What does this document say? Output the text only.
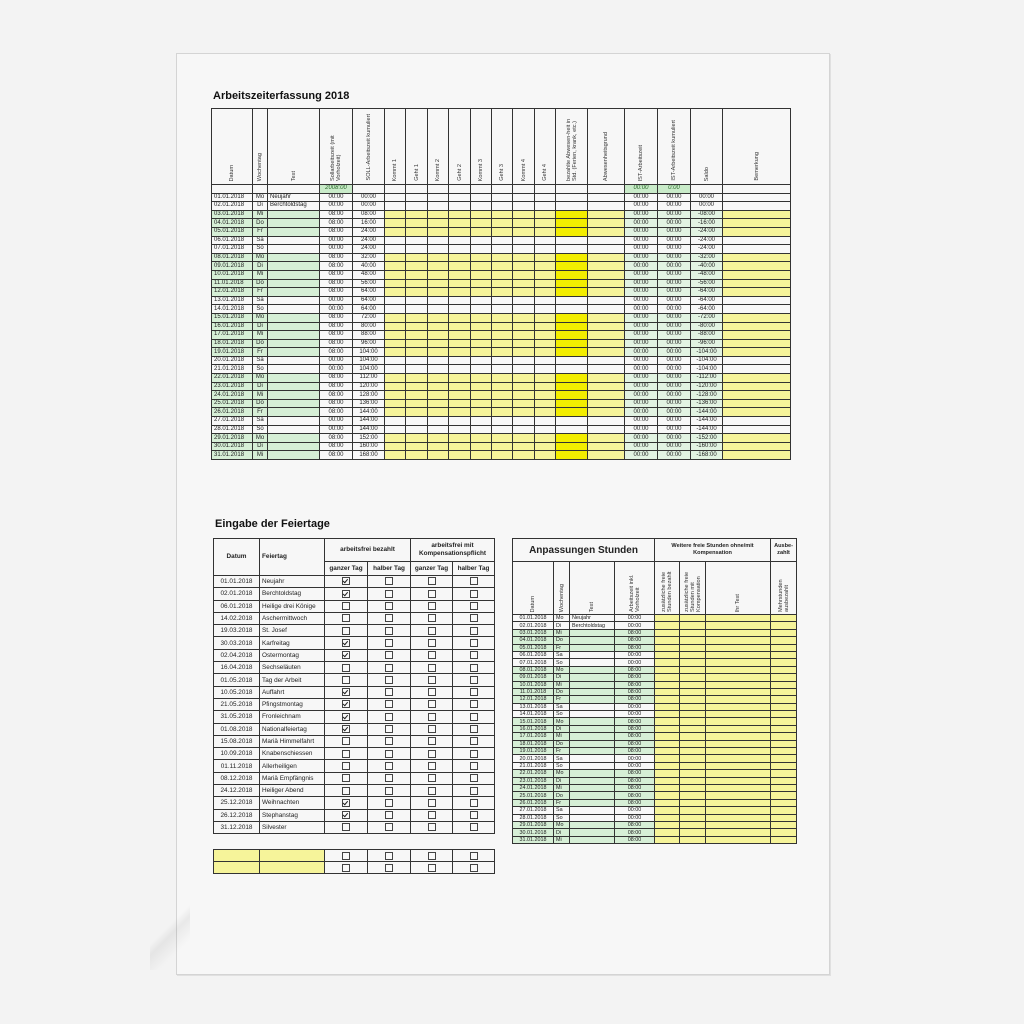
Arbeitszeiterfassung 2018
Datum	Wochentag	Text	Sollarbeitszeit (mit Vorholzeit)	SOLL-Arbeitszeit kumuliert	Kommt 1	Geht 1	Kommt 2	Geht 2	Kommt 3	Geht 3	Kommt 4	Geht 4	bezahlte Abwesen-heit in Std. (Ferien, krank, etc.)	Abwesenheitsgrund	IST-Arbeitszeit	IST-Arbeitszeit kumuliert	Saldo	Bemerkung
			2008:00												00:00	0:00		
01.01.2018	Mo	Neujahr	00:00	00:00											00:00	00:00	00:00	
02.01.2018	Di	Berchtoldstag	00:00	00:00											00:00	00:00	00:00	
03.01.2018	Mi		08:00	08:00											00:00	00:00	-08:00	
04.01.2018	Do		08:00	16:00											00:00	00:00	-16:00	
05.01.2018	Fr		08:00	24:00											00:00	00:00	-24:00	
06.01.2018	Sa		00:00	24:00											00:00	00:00	-24:00	
07.01.2018	So		00:00	24:00											00:00	00:00	-24:00	
08.01.2018	Mo		08:00	32:00											00:00	00:00	-32:00	
09.01.2018	Di		08:00	40:00											00:00	00:00	-40:00	
10.01.2018	Mi		08:00	48:00											00:00	00:00	-48:00	
11.01.2018	Do		08:00	56:00											00:00	00:00	-56:00	
12.01.2018	Fr		08:00	64:00											00:00	00:00	-64:00	
13.01.2018	Sa		00:00	64:00											00:00	00:00	-64:00	
14.01.2018	So		00:00	64:00											00:00	00:00	-64:00	
15.01.2018	Mo		08:00	72:00											00:00	00:00	-72:00	
16.01.2018	Di		08:00	80:00											00:00	00:00	-80:00	
17.01.2018	Mi		08:00	88:00											00:00	00:00	-88:00	
18.01.2018	Do		08:00	96:00											00:00	00:00	-96:00	
19.01.2018	Fr		08:00	104:00											00:00	00:00	-104:00	
20.01.2018	Sa		00:00	104:00											00:00	00:00	-104:00	
21.01.2018	So		00:00	104:00											00:00	00:00	-104:00	
22.01.2018	Mo		08:00	112:00											00:00	00:00	-112:00	
23.01.2018	Di		08:00	120:00											00:00	00:00	-120:00	
24.01.2018	Mi		08:00	128:00											00:00	00:00	-128:00	
25.01.2018	Do		08:00	136:00											00:00	00:00	-136:00	
26.01.2018	Fr		08:00	144:00											00:00	00:00	-144:00	
27.01.2018	Sa		00:00	144:00											00:00	00:00	-144:00	
28.01.2018	So		00:00	144:00											00:00	00:00	-144:00	
29.01.2018	Mo		08:00	152:00											00:00	00:00	-152:00	
30.01.2018	Di		08:00	160:00											00:00	00:00	-160:00	
31.01.2018	Mi		08:00	168:00											00:00	00:00	-168:00	
Eingabe der Feiertage
Datum	Feiertag	arbeitsfrei bezahlt		arbeitsfrei mit Kompensationspflicht	
		ganzer Tag	halber Tag	ganzer Tag	halber Tag
01.01.2018	Neujahr				
02.01.2018	Berchtoldstag				
06.01.2018	Heilige drei Könige				
14.02.2018	Aschermittwoch				
19.03.2018	St. Josef				
30.03.2018	Karfreitag				
02.04.2018	Ostermontag				
16.04.2018	Sechseläuten				
01.05.2018	Tag der Arbeit				
10.05.2018	Auffahrt				
21.05.2018	Pfingstmontag				
31.05.2018	Fronleichnam				
01.08.2018	Nationalfeiertag				
15.08.2018	Mariä Himmelfahrt				
10.09.2018	Knabenschiessen				
01.11.2018	Allerheiligen				
08.12.2018	Mariä Empfängnis				
24.12.2018	Heiliger Abend				
25.12.2018	Weihnachten				
26.12.2018	Stephanstag				
31.12.2018	Silvester				

Anpassungen Stunden				Weitere freie Stunden ohne/mit Kompensation			Ausbe-zahlt
Datum	Wochentag	Text	Arbeitszeit inkl. Vorholzeit	zusätzliche freie Stunden bezahlt	zusätzliche freie Stunden mit Kompensation	Ihr Text	Mehrstunden ausbezahlt
01.01.2018	Mo	Neujahr	00:00				
02.01.2018	Di	Berchtoldstag	00:00				
03.01.2018	Mi		08:00				
04.01.2018	Do		08:00				
05.01.2018	Fr		08:00				
06.01.2018	Sa		00:00				
07.01.2018	So		00:00				
08.01.2018	Mo		08:00				
09.01.2018	Di		08:00				
10.01.2018	Mi		08:00				
11.01.2018	Do		08:00				
12.01.2018	Fr		08:00				
13.01.2018	Sa		00:00				
14.01.2018	So		00:00				
15.01.2018	Mo		08:00				
16.01.2018	Di		08:00				
17.01.2018	Mi		08:00				
18.01.2018	Do		08:00				
19.01.2018	Fr		08:00				
20.01.2018	Sa		00:00				
21.01.2018	So		00:00				
22.01.2018	Mo		08:00				
23.01.2018	Di		08:00				
24.01.2018	Mi		08:00				
25.01.2018	Do		08:00				
26.01.2018	Fr		08:00				
27.01.2018	Sa		00:00				
28.01.2018	So		00:00				
29.01.2018	Mo		08:00				
30.01.2018	Di		08:00				
31.01.2018	Mi		08:00				
